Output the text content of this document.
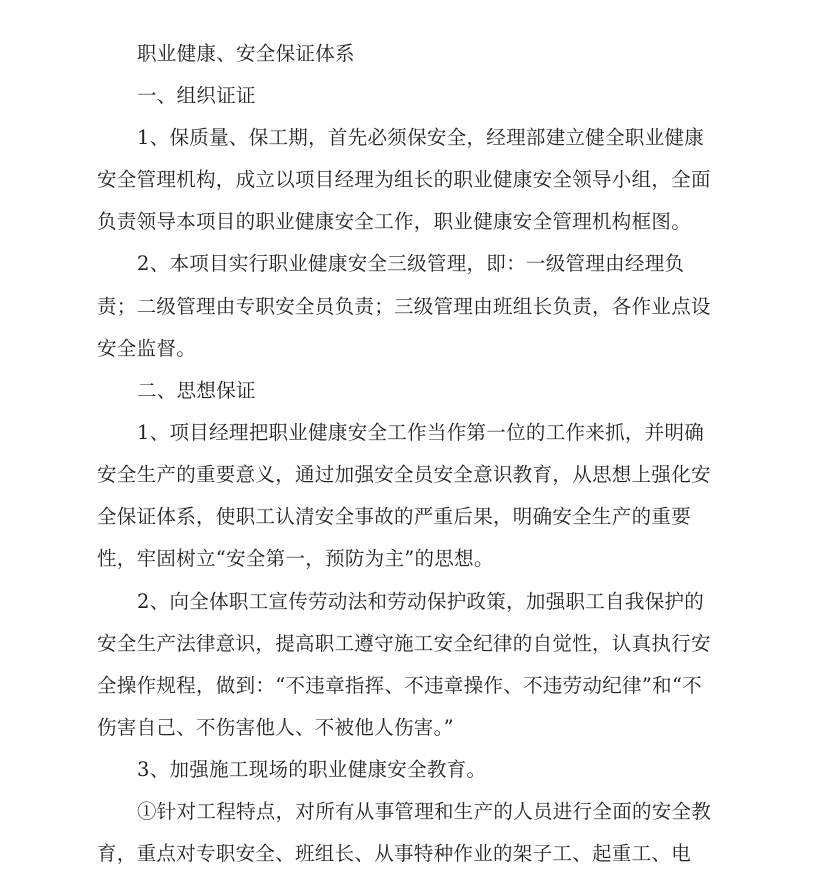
职业健康、安全保证体系
一、组织证证
1、保质量、保工期，首先必须保安全，经理部建立健全职业健康
安全管理机构，成立以项目经理为组长的职业健康安全领导小组，全面
负责领导本项目的职业健康安全工作，职业健康安全管理机构框图。
2、本项目实行职业健康安全三级管理，即：一级管理由经理负
责；二级管理由专职安全员负责；三级管理由班组长负责，各作业点设
安全监督。
二、思想保证
1、项目经理把职业健康安全工作当作第一位的工作来抓，并明确
安全生产的重要意义，通过加强安全员安全意识教育，从思想上强化安
全保证体系，使职工认清安全事故的严重后果，明确安全生产的重要
性，牢固树立“安全第一，预防为主”的思想。
2、向全体职工宣传劳动法和劳动保护政策，加强职工自我保护的
安全生产法律意识，提高职工遵守施工安全纪律的自觉性，认真执行安
全操作规程，做到：“不违章指挥、不违章操作、不违劳动纪律”和“不
伤害自己、不伤害他人、不被他人伤害。”
3、加强施工现场的职业健康安全教育。
①针对工程特点，对所有从事管理和生产的人员进行全面的安全教
育，重点对专职安全、班组长、从事特种作业的架子工、起重工、电
